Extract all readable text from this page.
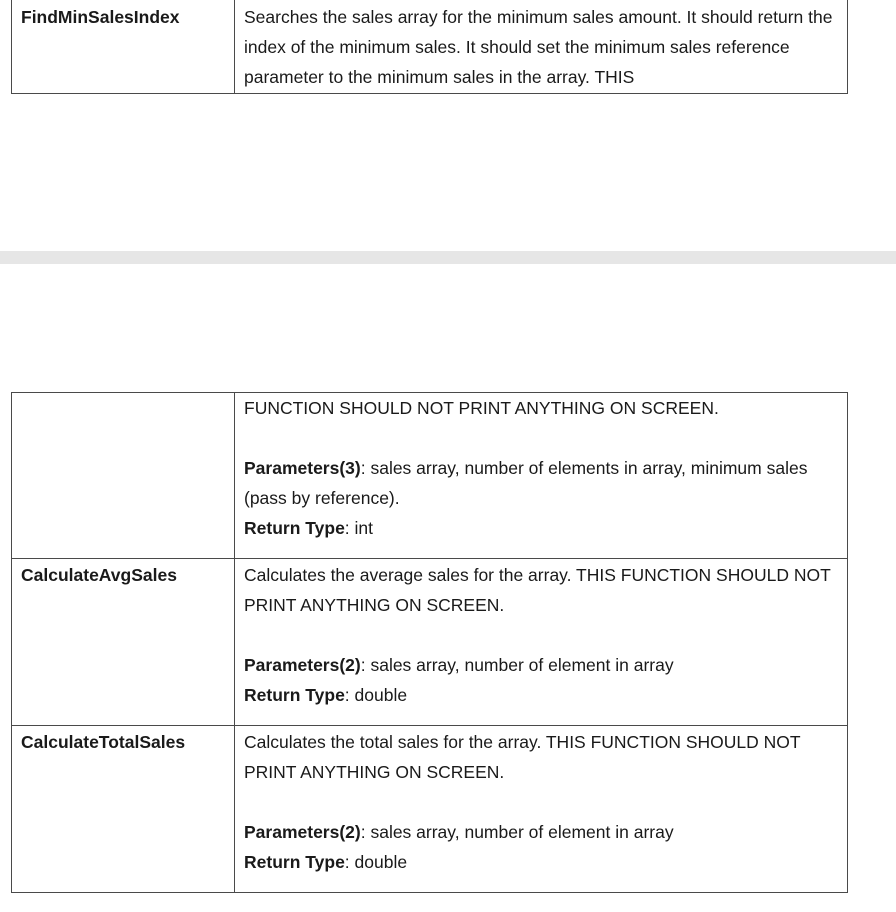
FindMinSalesIndex	Searches the sales array for the minimum sales amount. It should return the index of the minimum sales. It should set the minimum sales reference parameter to the minimum sales in the array. THIS

	FUNCTION SHOULD NOT PRINT ANYTHING ON SCREEN.

Parameters(3): sales array, number of elements in array, minimum sales (pass by reference).

Return Type: int

CalculateAvgSales	Calculates the average sales for the array. THIS FUNCTION SHOULD NOT PRINT ANYTHING ON SCREEN.

Parameters(2): sales array, number of element in array

Return Type: double

CalculateTotalSales	Calculates the total sales for the array. THIS FUNCTION SHOULD NOT PRINT ANYTHING ON SCREEN.

Parameters(2): sales array, number of element in array

Return Type: double
